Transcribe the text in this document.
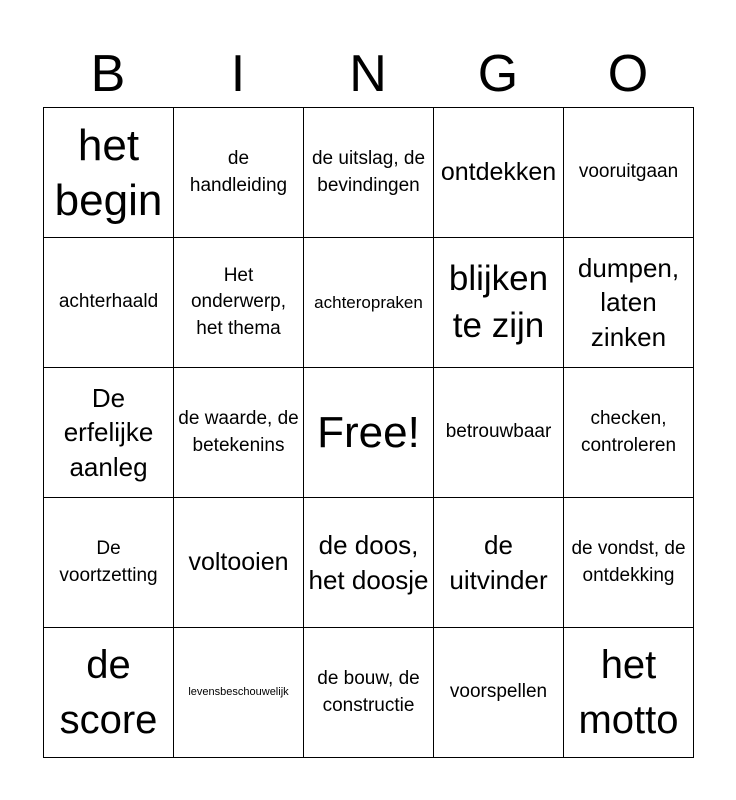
B	I	N	G	O
het begin	de handleiding	de uitslag, de bevindingen	ontdekken	vooruitgaan
achterhaald	Het onderwerp, het thema	achteropraken	blijken te zijn	dumpen, laten zinken
De erfelijke aanleg	de waarde, de betekenins	Free!	betrouwbaar	checken, controleren
De voortzetting	voltooien	de doos, het doosje	de uitvinder	de vondst, de ontdekking
de score	levensbeschouwelijk	de bouw, de constructie	voorspellen	het motto
